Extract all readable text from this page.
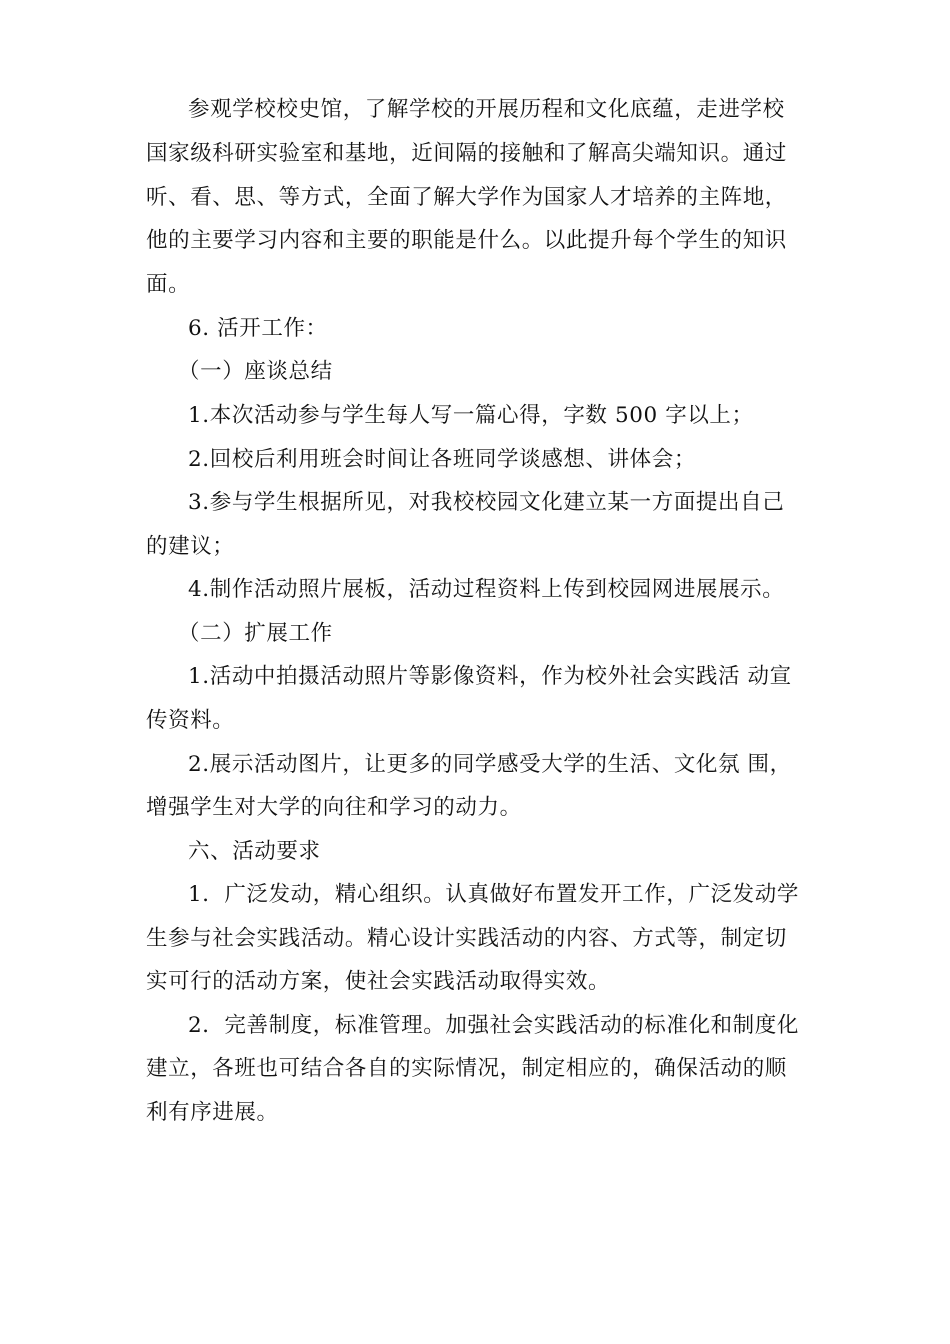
参观学校校史馆，了解学校的开展历程和文化底蕴，走进学校
国家级科研实验室和基地，近间隔的接触和了解高尖端知识。通过
听、看、思、等方式，全面了解大学作为国家人才培养的主阵地，
他的主要学习内容和主要的职能是什么。以此提升每个学生的知识
面。
6. 活开工作：
（一）座谈总结
1.本次活动参与学生每人写一篇心得，字数 500 字以上；
2.回校后利用班会时间让各班同学谈感想、讲体会；
3.参与学生根据所见，对我校校园文化建立某一方面提出自己
的建议；
4.制作活动照片展板，活动过程资料上传到校园网进展展示。
（二）扩展工作
1.活动中拍摄活动照片等影像资料，作为校外社会实践活 动宣
传资料。
2.展示活动图片，让更多的同学感受大学的生活、文化氛 围，
增强学生对大学的向往和学习的动力。
六、活动要求
1．广泛发动，精心组织。认真做好布置发开工作，广泛发动学
生参与社会实践活动。精心设计实践活动的内容、方式等，制定切
实可行的活动方案，使社会实践活动取得实效。
2．完善制度，标准管理。加强社会实践活动的标准化和制度化
建立，各班也可结合各自的实际情况，制定相应的，确保活动的顺
利有序进展。
